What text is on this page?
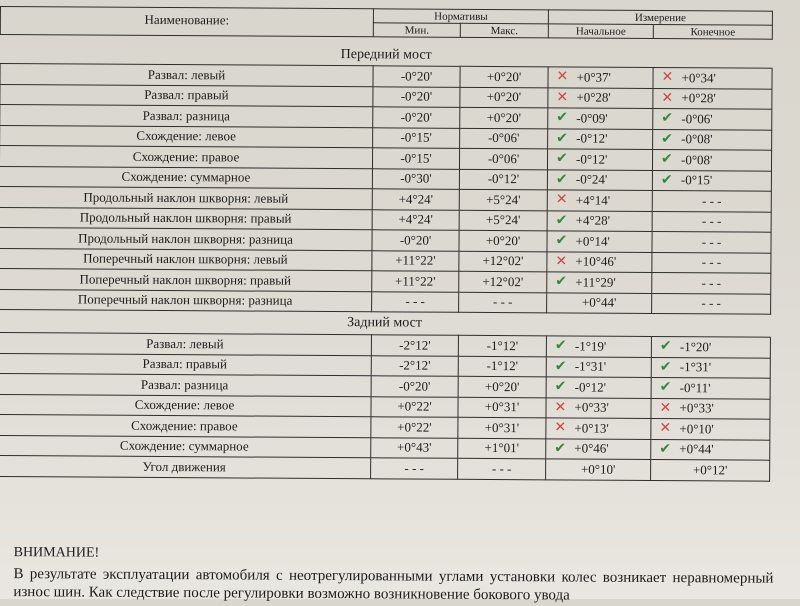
Наименование:	Нормативы		Измерение	
	Мин.	Макс.	Начальное	Конечное
Передний мост				
Развал: левый	-0°20'	+0°20'	✕ +0°37'	✕ +0°34'
Развал: правый	-0°20'	+0°20'	✕ +0°28'	✕ +0°28'
Развал: разница	-0°20'	+0°20'	✔ -0°09'	✔ -0°06'
Схождение: левое	-0°15'	-0°06'	✔ -0°12'	✔ -0°08'
Схождение: правое	-0°15'	-0°06'	✔ -0°12'	✔ -0°08'
Схождение: суммарное	-0°30'	-0°12'	✔ -0°24'	✔ -0°15'
Продольный наклон шкворня: левый	+4°24'	+5°24'	✕ +4°14'	- - -
Продольный наклон шкворня: правый	+4°24'	+5°24'	✔ +4°28'	- - -
Продольный наклон шкворня: разница	-0°20'	+0°20'	✔ +0°14'	- - -
Поперечный наклон шкворня: левый	+11°22'	+12°02'	✕ +10°46'	- - -
Поперечный наклон шкворня: правый	+11°22'	+12°02'	✔ +11°29'	- - -
Поперечный наклон шкворня: разница	- - -	- - -	+0°44'	- - -
Задний мост				
Развал: левый	-2°12'	-1°12'	✔ -1°19'	✔ -1°20'
Развал: правый	-2°12'	-1°12'	✔ -1°31'	✔ -1°31'
Развал: разница	-0°20'	+0°20'	✔ -0°12'	✔ -0°11'
Схождение: левое	+0°22'	+0°31'	✕ +0°33'	✕ +0°33'
Схождение: правое	+0°22'	+0°31'	✕ +0°13'	✕ +0°10'
Схождение: суммарное	+0°43'	+1°01'	✔ +0°46'	✔ +0°44'
Угол движения	- - -	- - -	+0°10'	+0°12'
ВНИМАНИЕ!
В результате эксплуатации автомобиля с неотрегулированными углами установки колес возникает неравномерный износ шин. Как следствие после регулировки возможно возникновение бокового увода
